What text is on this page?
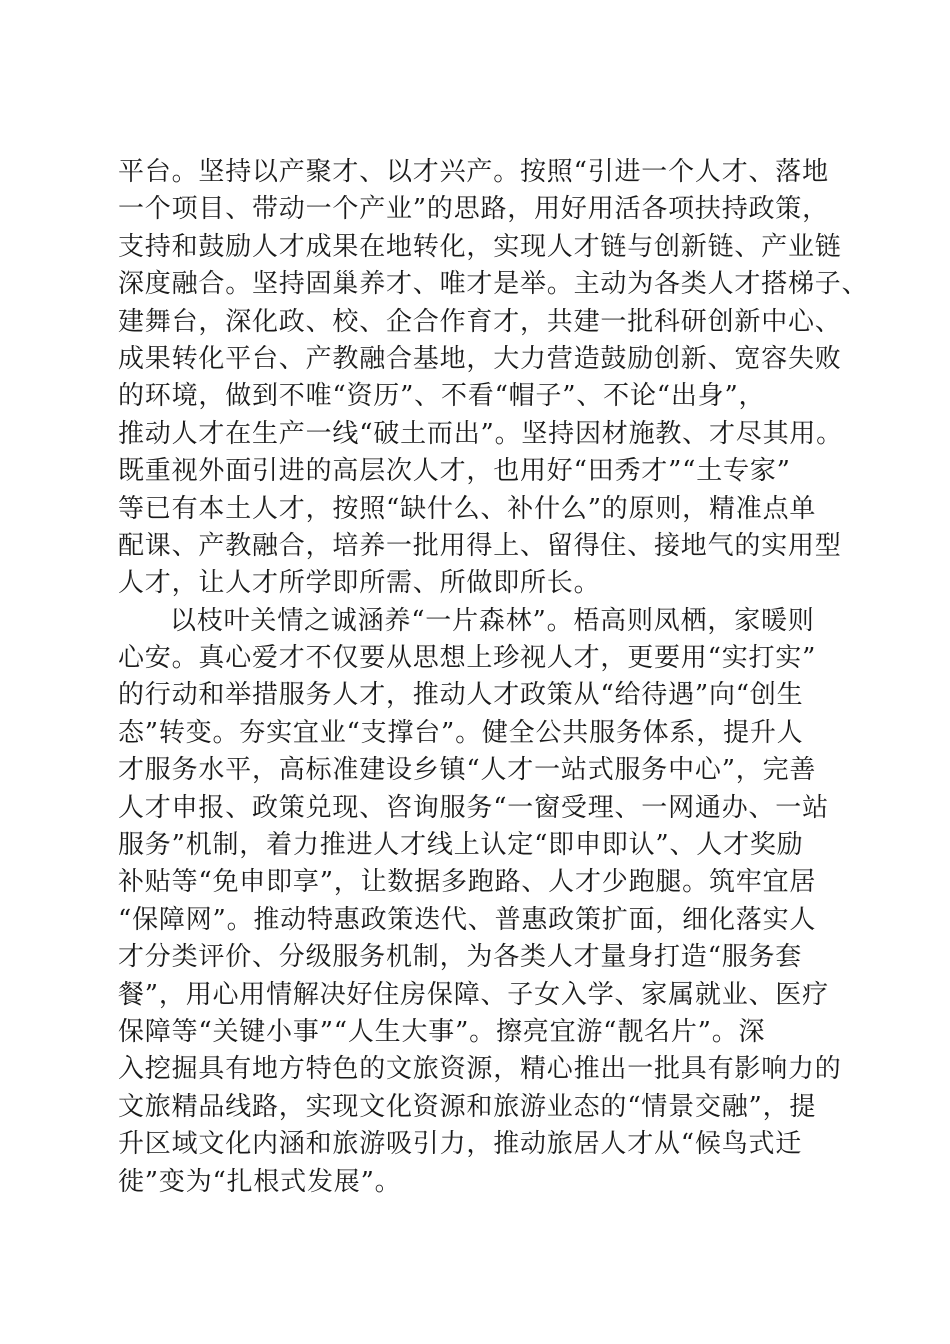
平台。坚持以产聚才、以才兴产。按照“引进一个人才、落地
一个项目、带动一个产业”的思路，用好用活各项扶持政策，
支持和鼓励人才成果在地转化，实现人才链与创新链、产业链
深度融合。坚持固巢养才、唯才是举。主动为各类人才搭梯子、
建舞台，深化政、校、企合作育才，共建一批科研创新中心、
成果转化平台、产教融合基地，大力营造鼓励创新、宽容失败
的环境，做到不唯“资历”、不看“帽子”、不论“出身”，
推动人才在生产一线“破土而出”。坚持因材施教、才尽其用。
既重视外面引进的高层次人才，也用好“田秀才”“土专家”
等已有本土人才，按照“缺什么、补什么”的原则，精准点单
配课、产教融合，培养一批用得上、留得住、接地气的实用型
人才，让人才所学即所需、所做即所长。
以枝叶关情之诚涵养“一片森林”。梧高则凤栖，家暖则
心安。真心爱才不仅要从思想上珍视人才，更要用“实打实”
的行动和举措服务人才，推动人才政策从“给待遇”向“创生
态”转变。夯实宜业“支撑台”。健全公共服务体系，提升人
才服务水平，高标准建设乡镇“人才一站式服务中心”，完善
人才申报、政策兑现、咨询服务“一窗受理、一网通办、一站
服务”机制，着力推进人才线上认定“即申即认”、人才奖励
补贴等“免申即享”，让数据多跑路、人才少跑腿。筑牢宜居
“保障网”。推动特惠政策迭代、普惠政策扩面，细化落实人
才分类评价、分级服务机制，为各类人才量身打造“服务套
餐”，用心用情解决好住房保障、子女入学、家属就业、医疗
保障等“关键小事”“人生大事”。擦亮宜游“靓名片”。深
入挖掘具有地方特色的文旅资源，精心推出一批具有影响力的
文旅精品线路，实现文化资源和旅游业态的“情景交融”，提
升区域文化内涵和旅游吸引力，推动旅居人才从“候鸟式迁
徙”变为“扎根式发展”。
